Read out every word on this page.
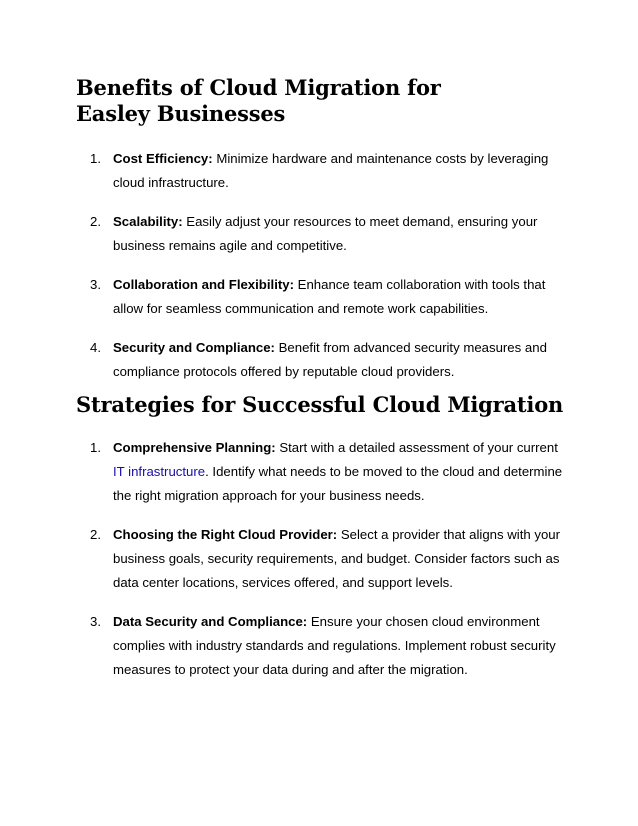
Benefits of Cloud Migration for Easley Businesses
1. Cost Efficiency: Minimize hardware and maintenance costs by leveraging cloud infrastructure.
2. Scalability: Easily adjust your resources to meet demand, ensuring your business remains agile and competitive.
3. Collaboration and Flexibility: Enhance team collaboration with tools that allow for seamless communication and remote work capabilities.
4. Security and Compliance: Benefit from advanced security measures and compliance protocols offered by reputable cloud providers.
Strategies for Successful Cloud Migration
1. Comprehensive Planning: Start with a detailed assessment of your current IT infrastructure. Identify what needs to be moved to the cloud and determine the right migration approach for your business needs.
2. Choosing the Right Cloud Provider: Select a provider that aligns with your business goals, security requirements, and budget. Consider factors such as data center locations, services offered, and support levels.
3. Data Security and Compliance: Ensure your chosen cloud environment complies with industry standards and regulations. Implement robust security measures to protect your data during and after the migration.
